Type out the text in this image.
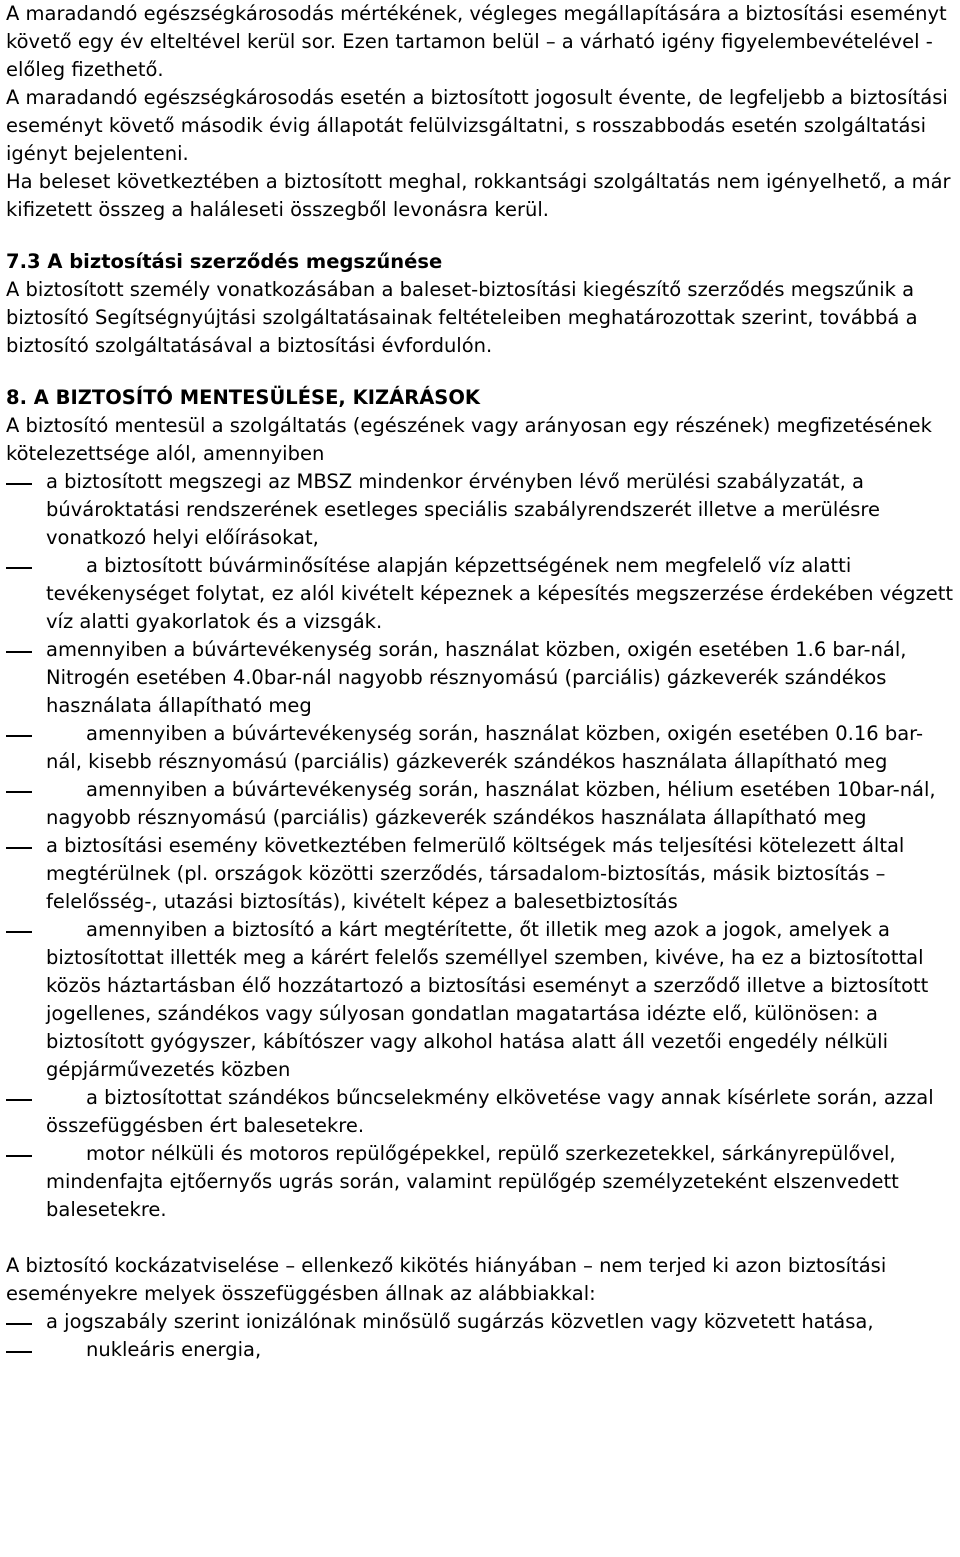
A maradandó egészségkárosodás mértékének, végleges megállapítására a biztosítási eseményt követő egy év elteltével kerül sor. Ezen tartamon belül – a várható igény figyelembevételével - előleg fizethető.

A maradandó egészségkárosodás esetén a biztosított jogosult évente, de legfeljebb a biztosítási eseményt követő második évig állapotát felülvizsgáltatni, s rosszabbodás esetén szolgáltatási igényt bejelenteni.

Ha beleset következtében a biztosított meghal, rokkantsági szolgáltatás nem igényelhető, a már kifizetett összeg a haláleseti összegből levonásra kerül.

7.3 A biztosítási szerződés megszűnése

A biztosított személy vonatkozásában a baleset-biztosítási kiegészítő szerződés megszűnik a biztosító Segítségnyújtási szolgáltatásainak feltételeiben meghatározottak szerint, továbbá a biztosító szolgáltatásával a biztosítási évfordulón.

8. A BIZTOSÍTÓ MENTESÜLÉSE, KIZÁRÁSOK

A biztosító mentesül a szolgáltatás (egészének vagy arányosan egy részének) megfizetésének

kötelezettsége alól, amennyiben

a biztosított megszegi az MBSZ mindenkor érvényben lévő merülési szabályzatát, a búvároktatási rendszerének esetleges speciális szabályrendszerét illetve a merülésre vonatkozó helyi előírásokat,
a biztosított búvárminősítése alapján képzettségének nem megfelelő víz alatti tevékenységet folytat, ez alól kivételt képeznek a képesítés megszerzése érdekében végzett víz alatti gyakorlatok és a vizsgák.
amennyiben a búvártevékenység során, használat közben, oxigén esetében 1.6 bar-nál, Nitrogén esetében 4.0bar-nál nagyobb résznyomású (parciális) gázkeverék szándékos használata állapítható meg
amennyiben a búvártevékenység során, használat közben, oxigén esetében 0.16 bar-nál, kisebb résznyomású (parciális) gázkeverék szándékos használata állapítható meg
amennyiben a búvártevékenység során, használat közben, hélium esetében 10bar-nál, nagyobb résznyomású (parciális) gázkeverék szándékos használata állapítható meg
a biztosítási esemény következtében felmerülő költségek más teljesítési kötelezett által megtérülnek (pl. országok közötti szerződés, társadalom-biztosítás, másik biztosítás – felelősség-, utazási biztosítás), kivételt képez a balesetbiztosítás
amennyiben a biztosító a kárt megtérítette, őt illetik meg azok a jogok, amelyek a biztosítottat illették meg a kárért felelős személlyel szemben, kivéve, ha ez a biztosítottal közös háztartásban élő hozzátartozó a biztosítási eseményt a szerződő illetve a biztosított jogellenes, szándékos vagy súlyosan gondatlan magatartása idézte elő, különösen: a biztosított gyógyszer, kábítószer vagy alkohol hatása alatt áll vezetői engedély nélküli gépjárművezetés közben
a biztosítottat szándékos bűncselekmény elkövetése vagy annak kísérlete során, azzal összefüggésben ért balesetekre.
motor nélküli és motoros repülőgépekkel, repülő szerkezetekkel, sárkányrepülővel, mindenfajta ejtőernyős ugrás során, valamint repülőgép személyzeteként elszenvedett balesetekre.

A biztosító kockázatviselése – ellenkező kikötés hiányában – nem terjed ki azon biztosítási eseményekre melyek összefüggésben állnak az alábbiakkal:

a jogszabály szerint ionizálónak minősülő sugárzás közvetlen vagy közvetett hatása,
nukleáris energia,
